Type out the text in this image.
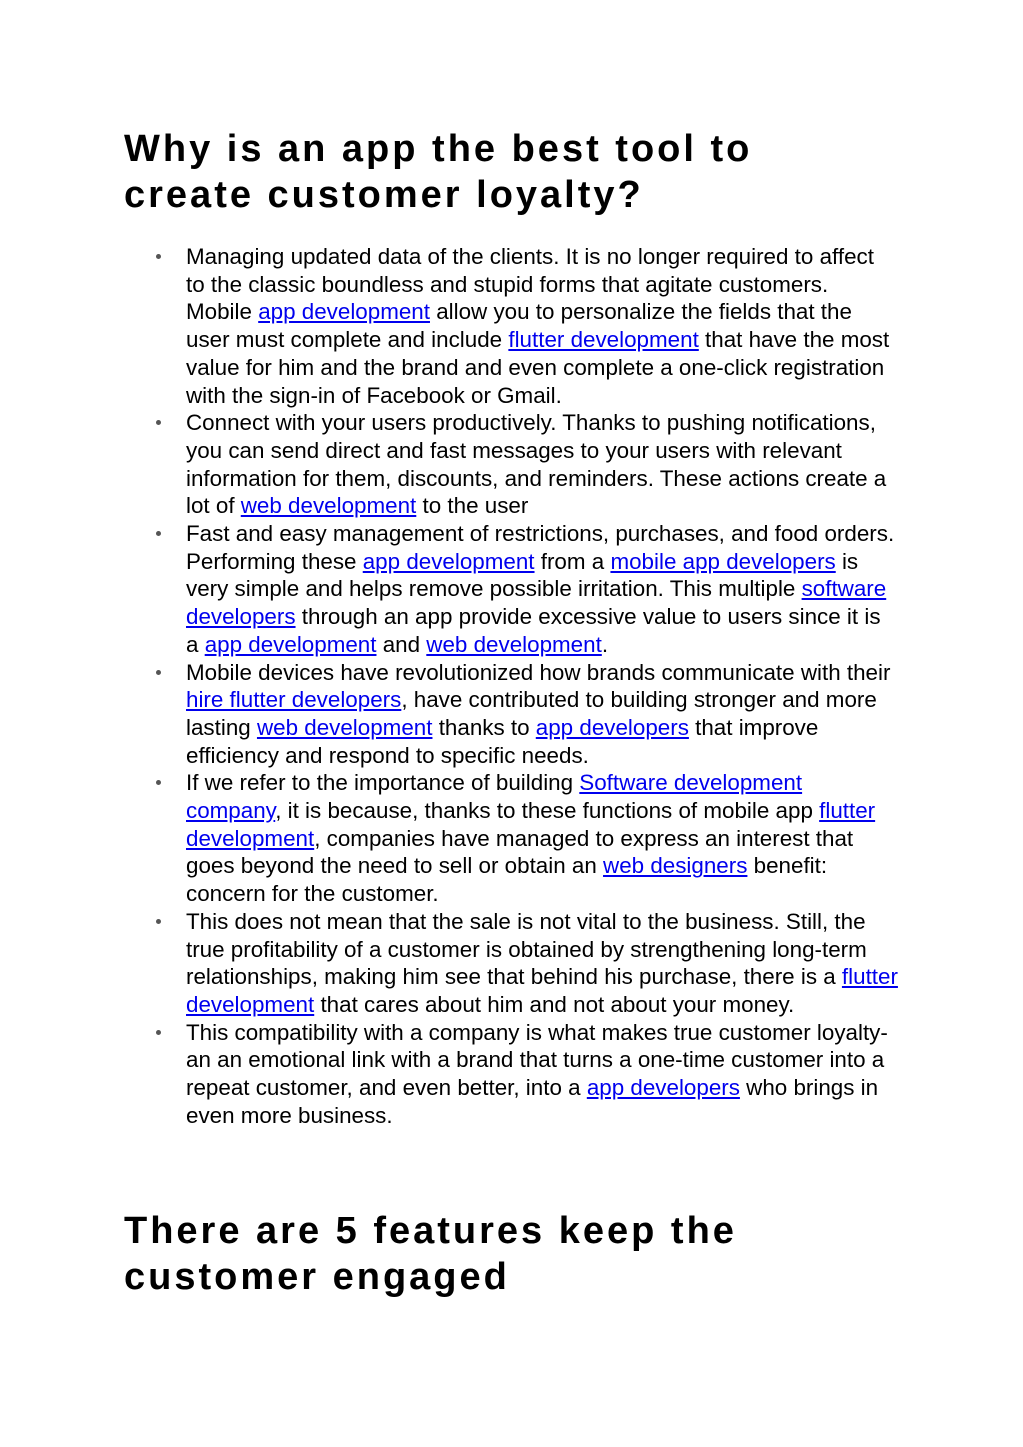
Why is an app the best tool to create customer loyalty?
Managing updated data of the clients. It is no longer required to affect to the classic boundless and stupid forms that agitate customers. Mobile app development allow you to personalize the fields that the user must complete and include flutter development that have the most value for him and the brand and even complete a one-click registration with the sign-in of Facebook or Gmail.
Connect with your users productively. Thanks to pushing notifications, you can send direct and fast messages to your users with relevant information for them, discounts, and reminders. These actions create a lot of web development to the user
Fast and easy management of restrictions, purchases, and food orders. Performing these app development from a mobile app developers is very simple and helps remove possible irritation. This multiple software developers through an app provide excessive value to users since it is a app development and web development.
Mobile devices have revolutionized how brands communicate with their hire flutter developers, have contributed to building stronger and more lasting web development thanks to app developers that improve efficiency and respond to specific needs.
If we refer to the importance of building Software development company, it is because, thanks to these functions of mobile app flutter development, companies have managed to express an interest that goes beyond the need to sell or obtain an web designers benefit: concern for the customer.
This does not mean that the sale is not vital to the business. Still, the true profitability of a customer is obtained by strengthening long-term relationships, making him see that behind his purchase, there is a flutter development that cares about him and not about your money.
This compatibility with a company is what makes true customer loyalty-an an emotional link with a brand that turns a one-time customer into a repeat customer, and even better, into a app developers who brings in even more business.
There are 5 features keep the customer engaged
